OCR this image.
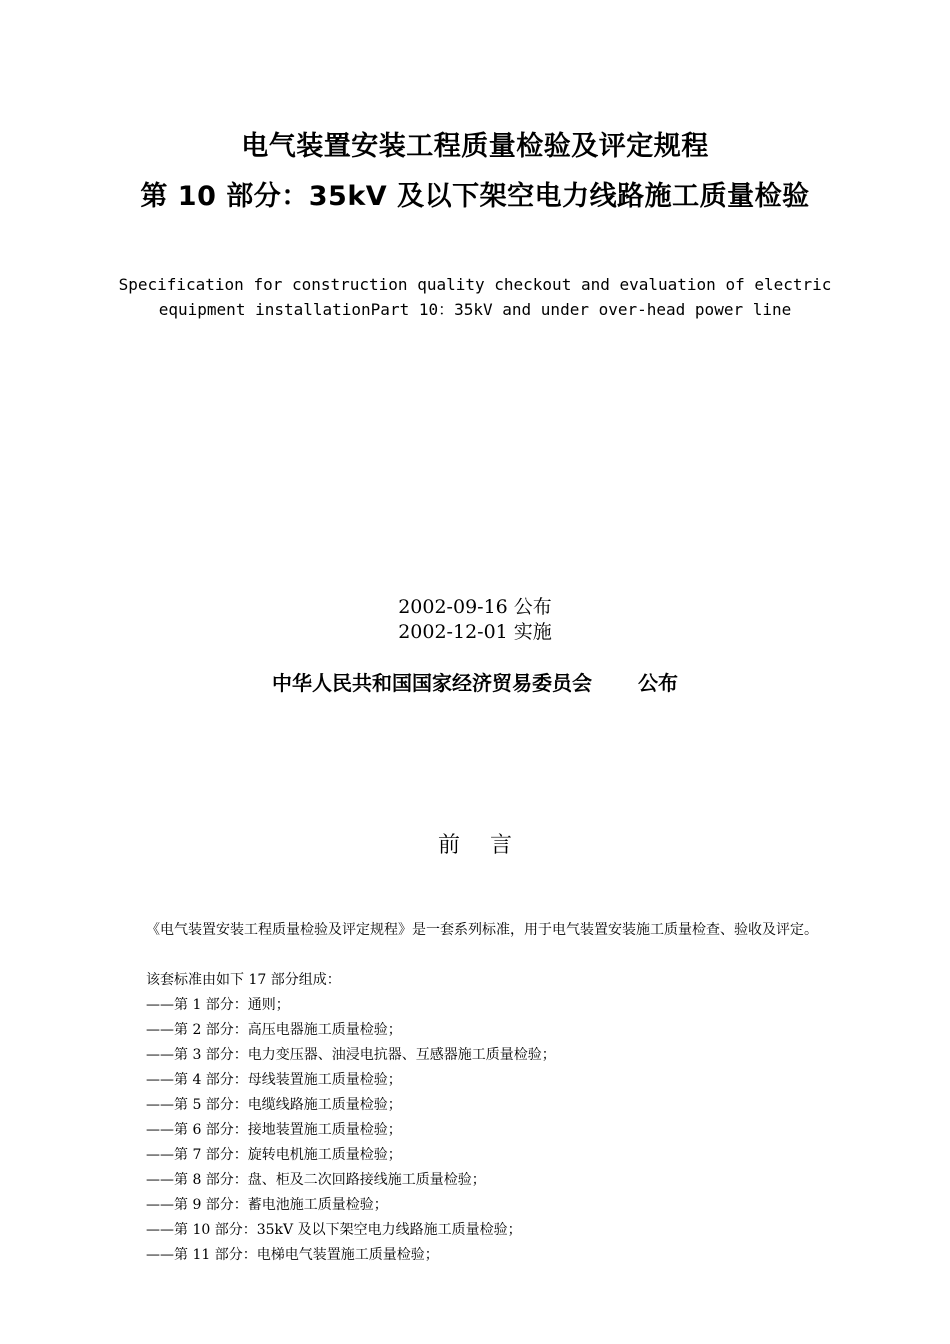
电气装置安装工程质量检验及评定规程
第 10 部分：35kV 及以下架空电力线路施工质量检验
Specification for construction quality checkout and evaluation of electric
equipment installationPart 10：35kV and under over-head power line
2002-09-16 公布
2002-12-01 实施
中华人民共和国国家经济贸易委员会 公布
前言
《电气装置安装工程质量检验及评定规程》是一套系列标准，用于电气装置安装施工质量检查、验收及评定。
该套标准由如下 17 部分组成：
——第 1 部分：通则；
——第 2 部分：高压电器施工质量检验；
——第 3 部分：电力变压器、油浸电抗器、互感器施工质量检验；
——第 4 部分：母线装置施工质量检验；
——第 5 部分：电缆线路施工质量检验；
——第 6 部分：接地装置施工质量检验；
——第 7 部分：旋转电机施工质量检验；
——第 8 部分：盘、柜及二次回路接线施工质量检验；
——第 9 部分：蓄电池施工质量检验；
——第 10 部分：35kV 及以下架空电力线路施工质量检验；
——第 11 部分：电梯电气装置施工质量检验；
